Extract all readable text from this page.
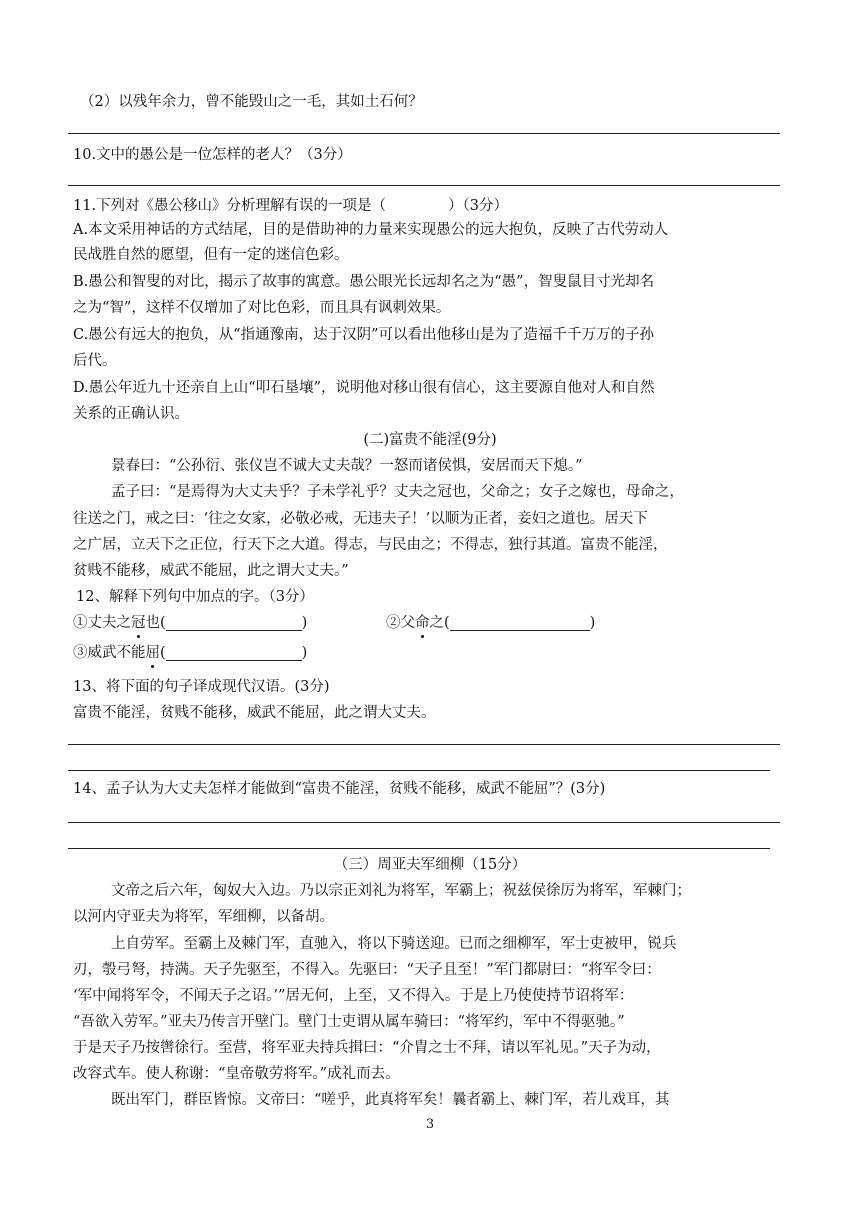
（2）以残年余力，曾不能毁山之一毛，其如土石何？
10.文中的愚公是一位怎样的老人？（3分）
11.下列对《愚公移山》分析理解有误的一项是（	）（3分）
A.本文采用神话的方式结尾，目的是借助神的力量来实现愚公的远大抱负，反映了古代劳动人
民战胜自然的愿望，但有一定的迷信色彩。
B.愚公和智叟的对比，揭示了故事的寓意。愚公眼光长远却名之为“愚”，智叟鼠目寸光却名
之为“智”，这样不仅增加了对比色彩，而且具有讽刺效果。
C.愚公有远大的抱负，从“指通豫南，达于汉阴”可以看出他移山是为了造福千千万万的子孙
后代。
D.愚公年近九十还亲自上山“叩石垦壤”，说明他对移山很有信心，这主要源自他对人和自然
关系的正确认识。
(二)富贵不能淫(9分)
景春曰：“公孙衍、张仪岂不诚大丈夫哉？一怒而诸侯惧，安居而天下熄。”
孟子曰：“是焉得为大丈夫乎？子未学礼乎？丈夫之冠也，父命之；女子之嫁也，母命之，
往送之门，戒之曰：‘往之女家，必敬必戒，无违夫子！’以顺为正者，妾妇之道也。居天下
之广居，立天下之正位，行天下之大道。得志，与民由之；不得志，独行其道。富贵不能淫，
贫贱不能移，威武不能屈，此之谓大丈夫。”
12、解释下列句中加点的字。（3分）
①丈夫之冠也(	)	②父命之(	)
③威武不能屈(	)
13、将下面的句子译成现代汉语。(3分)
富贵不能淫，贫贱不能移，威武不能屈，此之谓大丈夫。
14、孟子认为大丈夫怎样才能做到“富贵不能淫，贫贱不能移，威武不能屈”？(3分)
（三）周亚夫军细柳（15分）
文帝之后六年，匈奴大入边。乃以宗正刘礼为将军，军霸上；祝兹侯徐厉为将军，军棘门；
以河内守亚夫为将军，军细柳，以备胡。
上自劳军。至霸上及棘门军，直驰入，将以下骑送迎。已而之细柳军，军士吏被甲，锐兵
刃，彀弓弩，持满。天子先驱至，不得入。先驱曰：“天子且至！”军门都尉曰：“将军令曰：
‘军中闻将军令，不闻天子之诏。’”居无何，上至，又不得入。于是上乃使使持节诏将军：
“吾欲入劳军。”亚夫乃传言开壁门。壁门士吏谓从属车骑曰：“将军约，军中不得驱驰。”
于是天子乃按辔徐行。至营，将军亚夫持兵揖曰：“介胄之士不拜，请以军礼见。”天子为动，
改容式车。使人称谢：“皇帝敬劳将军。”成礼而去。
既出军门，群臣皆惊。文帝曰：“嗟乎，此真将军矣！曩者霸上、棘门军，若儿戏耳，其
3
